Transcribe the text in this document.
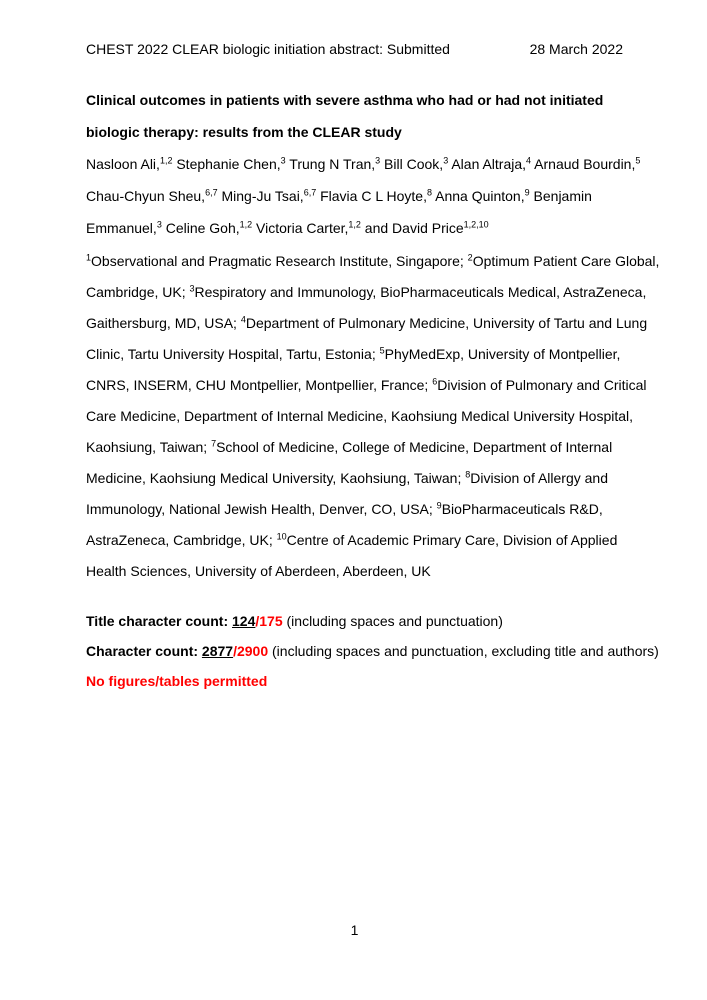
CHEST 2022 CLEAR biologic initiation abstract: Submitted	28 March 2022
Clinical outcomes in patients with severe asthma who had or had not initiated
biologic therapy: results from the CLEAR study
Nasloon Ali,$^{1,2}$ Stephanie Chen,$^3$ Trung N Tran,$^3$ Bill Cook,$^3$ Alan Altraja,$^4$ Arnaud Bourdin,$^5$
Chau-Chyun Sheu,$^{6,7}$ Ming-Ju Tsai,$^{6,7}$ Flavia C L Hoyte,$^8$ Anna Quinton,$^9$ Benjamin
Emmanuel,$^3$ Celine Goh,$^{1,2}$ Victoria Carter,$^{1,2}$ and David Price$^{1,2,10}$
$^1$Observational and Pragmatic Research Institute, Singapore; $^2$Optimum Patient Care Global,
Cambridge, UK; $^3$Respiratory and Immunology, BioPharmaceuticals Medical, AstraZeneca,
Gaithersburg, MD, USA; $^4$Department of Pulmonary Medicine, University of Tartu and Lung
Clinic, Tartu University Hospital, Tartu, Estonia; $^5$PhyMedExp, University of Montpellier,
CNRS, INSERM, CHU Montpellier, Montpellier, France; $^6$Division of Pulmonary and Critical
Care Medicine, Department of Internal Medicine, Kaohsiung Medical University Hospital,
Kaohsiung, Taiwan; $^7$School of Medicine, College of Medicine, Department of Internal
Medicine, Kaohsiung Medical University, Kaohsiung, Taiwan; $^8$Division of Allergy and
Immunology, National Jewish Health, Denver, CO, USA; $^9$BioPharmaceuticals R&D,
AstraZeneca, Cambridge, UK; $^{10}$Centre of Academic Primary Care, Division of Applied
Health Sciences, University of Aberdeen, Aberdeen, UK
Title character count: 124/175 (including spaces and punctuation)
Character count: 2877/2900 (including spaces and punctuation, excluding title and authors)
No figures/tables permitted
1
